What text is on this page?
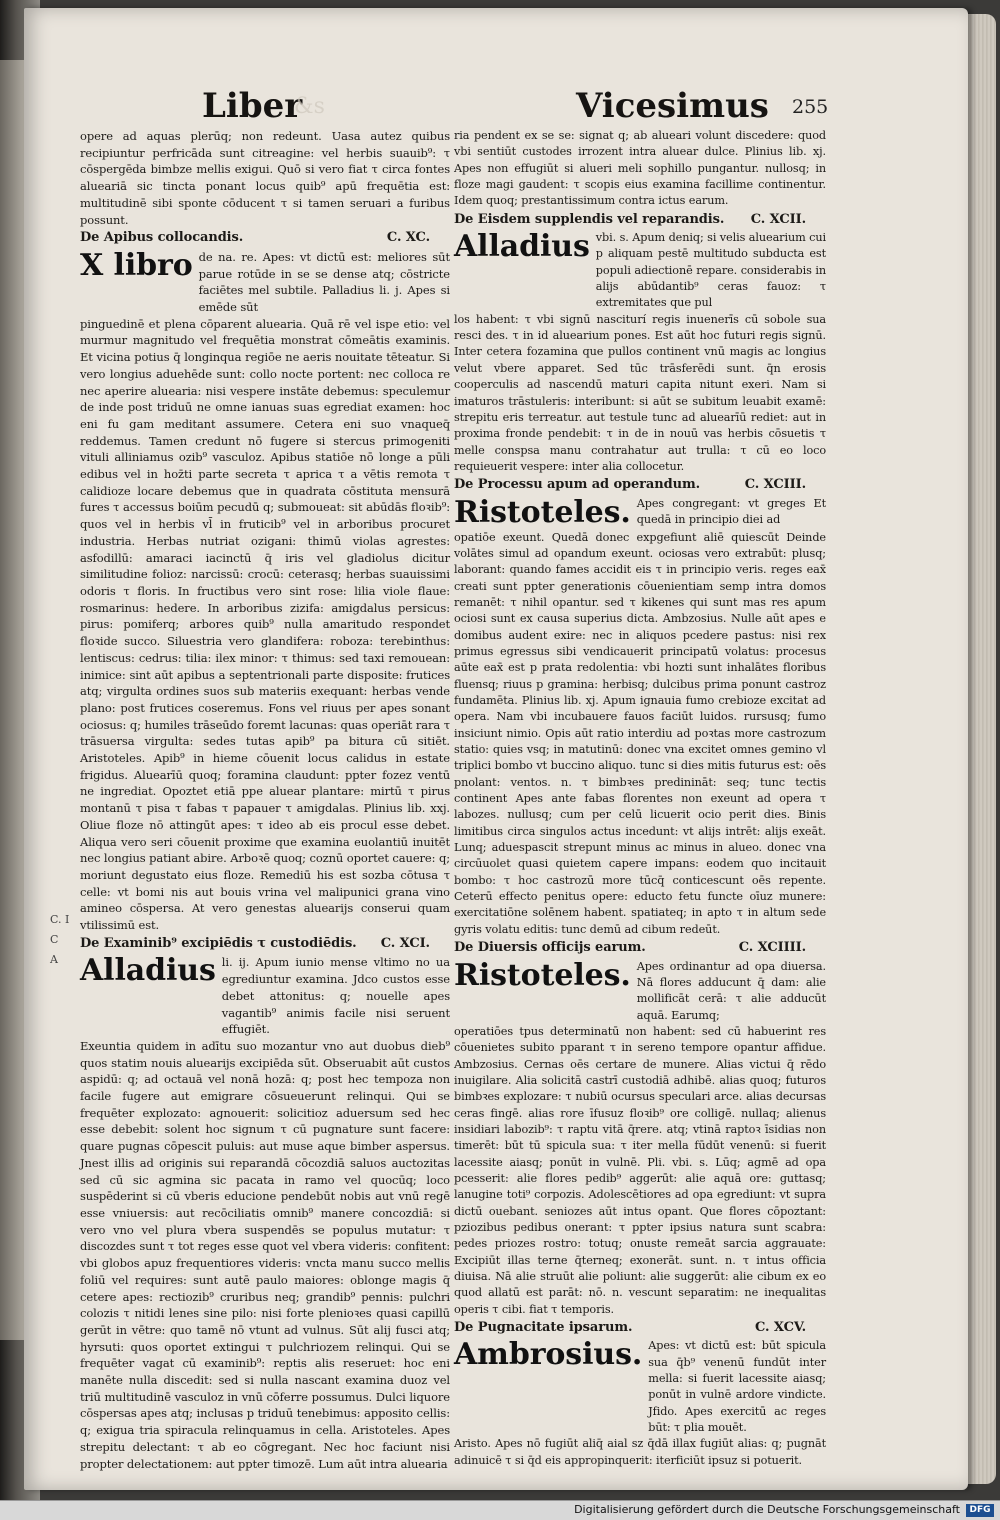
Liber
&s	Vicesimus 255
C. I
C
A

opere ad aquas plerūq; non redeunt. Uasa autez quibus recipiuntur perfricāda sunt citreagine: vel herbis suauib⁹: τ cōspergēda bimbze mellis exigui. Quō si vero fiat τ circa fontes alueariā sic tincta ponant locus quib⁹ apū frequētia est: multitudinē sibi sponte cōducent τ si tamen seruari a furibus possunt.

De Apibus collocandis.	C. XC.
X libro de na. re. Apes: vt dictū est: meliores sūt parue rotūde in se se dense atq; cōstricte faciētes mel subtile. Palladius li. j. Apes si emēde sūt

pinguedinē et plena cōparent aluearia. Quā rē vel ispe etio: vel murmur magnitudo vel frequētia monstrat cōmeātis examinis. Et vicina potius q̄ longinqua regiōe ne aeris nouitate tēteatur. Si vero longius aduehēde sunt: collo nocte portent: nec colloca re nec aperire aluearia: nisi vespere instāte debemus: speculemur de inde post triduū ne omne ianuas suas egrediat examen: hoc eni fu gam meditant assumere. Cetera eni suo vnaqueq̄ reddemus. Tamen credunt nō fugere si stercus primogeniti vituli alliniamus ozib⁹ vasculoz. Apibus statiōe nō longe a pūli edibus vel in hoz̄ti parte secreta τ aprica τ a vētis remota τ calidioze locare debemus que in quadrata cōstituta mensurā fures τ accessus boiūm pecudū q; submoueat: sit abūdās floꝛib⁹: quos vel in herbis vl̄ in fruticib⁹ vel in arboribus procuret industria. Herbas nutriat ozigani: thimū violas agrestes: asfodillū: amaraci iacinctū q̄ iris vel gladiolus dicitur similitudine folioz: narcissū: crocū: ceterasq; herbas suauissimi odoris τ floris. In fructibus vero sint rose: lilia viole flaue: rosmarinus: hedere. In arboribus zizifa: amigdalus persicus: pirus: pomiferq; arbores quib⁹ nulla amaritudo respondet floꝛide succo. Siluestria vero glandifera: roboza: terebinthus: lentiscus: cedrus: tilia: ilex minor: τ thimus: sed taxi remouean: inimice: sint aūt apibus a septentrionali parte disposite: frutices atq; virgulta ordines suos sub materiis exequant: herbas vende plano: post frutices coseremus. Fons vel riuus per apes sonant ociosus: q; humiles trāseūdo foremt lacunas: quas operiāt rara τ trāsuersa virgulta: sedes tutas apib⁹ pa bitura cū sitiēt. Aristoteles. Apib⁹ in hieme cōuenit locus calidus in estate frigidus. Aluearīū quoq; foramina claudunt: ppter fozez ventū ne ingrediat. Opoztet etiā ppe aluear plantare: mirtū τ pirus montanū τ pisa τ fabas τ papauer τ amigdalas. Plinius lib. xxj. Oliue floze nō attingūt apes: τ ideo ab eis procul esse debet. Aliqua vero seri cōuenit proxime que examina euolantiū inuitēt nec longius patiant abire. Arboꝛē quoq; coznū oportet cauere: q; moriunt degustato eius floze. Remediū his est sozba cōtusa τ celle: vt bomi nis aut bouis vrina vel malipunici grana vino amineo cōspersa. At vero genestas aluearijs conserui quam vtilissimū est.

De Examinib⁹ excipiēdis τ custodiēdis. C. XCI.
Alladius li. ij. Apum iunio mense vltimo no ua egrediuntur examina. Jdco custos esse debet attonitus: q; nouelle apes vagantib⁹ animis facile nisi seruent effugiēt.

Exeuntia quidem in adītu suo mozantur vno aut duobus dieb⁹ quos statim nouis aluearijs excipiēda sūt. Obseruabit aūt custos aspidū: q; ad octauā vel nonā hozā: q; post hec tempoza non facile fugere aut emigrare cōsueuerunt relinqui. Qui se frequēter explozato: agnouerit: solicitioz aduersum sed hec esse debebit: solent hoc signum τ cū pugnature sunt facere: quare pugnas cōpescit puluis: aut muse aque bimber aspersus. Jnest illis ad originis sui reparandā cōcozdiā saluos auctozitas sed cū sic agmina sic pacata in ramo vel quocūq; loco suspēderint si cū vberis educione pendebūt nobis aut vnū regē esse vniuersis: aut recōciliatis omnib⁹ manere concozdiā: si vero vno vel plura vbera suspendēs se populus mutatur: τ discozdes sunt τ tot reges esse quot vel vbera videris: confitent: vbi globos apuz frequentiores videris: vncta manu succo mellis foliū vel requires: sunt autē paulo maiores: oblonge magis q̄ cetere apes: rectiozib⁹ cruribus neq; grandib⁹ pennis: pulchri colozis τ nitidi lenes sine pilo: nisi forte plenioꝛes quasi capillū gerūt in vētre: quo tamē nō vtunt ad vulnus. Sūt alij fusci atq; hyrsuti: quos oportet extingui τ pulchriozem relinqui. Qui se frequēter vagat cū examinib⁹: reptis alis reseruet: hoc eni manēte nulla discedit: sed si nulla nascant examina duoz vel triū multitudinē vasculoz in vnū cōferre possumus. Dulci liquore cōspersas apes atq; inclusas p triduū tenebimus: apposito cellis: q; exigua tria spiracula relinquamus in cella. Aristoteles. Apes strepitu delectant: τ ab eo cōgregant. Nec hoc faciunt nisi propter delectationem: aut ppter timozē. Lum aūt intra aluearia

ria pendent ex se se: signat q; ab alueari volunt discedere: quod vbi sentiūt custodes irrozent intra aluear dulce. Plinius lib. xj. Apes non effugiūt si alueri meli sophillo pungantur. nullosq; in floze magi gaudent: τ scopis eius examina facillime continentur. Idem quoq; prestantissimum contra ictus earum.

De Eisdem supplendis vel reparandis. C. XCII.
Alladius vbi. s. Apum deniq; si velis aluearium cui p aliquam pestē multitudo subducta est populi adiectionē repare. considerabis in alijs abūdantib⁹ ceras fauoz: τ extremitates que pul

los habent: τ vbi signū nasciturí regis inuenerīs cū sobole sua resci des. τ in id aluearium pones. Est aūt hoc futuri regis signū. Inter cetera fozamina que pullos continent vnū magis ac longius velut vbere apparet. Sed tūc trāsferēdi sunt. q̄n erosis cooperculis ad nascendū maturi capita nitunt exeri. Nam si imaturos trāstuleris: interibunt: si aūt se subitum leuabit examē: strepitu eris terreatur. aut testule tunc ad aluearīū rediet: aut in proxima fronde pendebit: τ in de in nouū vas herbis cōsuetis τ melle conspsa manu contrahatur aut trulla: τ cū eo loco requieuerit vespere: inter alia collocetur.

De Processu apum ad operandum.	C. XCIII.
Ristoteles. Apes congregant: vt greges Et quedā in principio diei ad

opatiōe exeunt. Quedā donec expgefiunt aliē quiescūt Deinde volātes simul ad opandum exeunt. ociosas vero extrabūt: plusq; laborant: quando fames accidit eis τ in principio veris. reges eax̄ creati sunt ppter generationis cōuenientiam semp intra domos remanēt: τ nihil opantur. sed τ kikenes qui sunt mas res apum ociosi sunt ex causa superius dicta. Ambzosius. Nulle aūt apes e domibus audent exire: nec in aliquos pcedere pastus: nisi rex primus egressus sibi vendicauerit principatū volatus: procesus aūte eax̄ est p prata redolentia: vbi hozti sunt inhalātes floribus fluensq; riuus p gramina: herbisq; dulcibus prima ponunt castroz fundamēta. Plinius lib. xj. Apum ignauia fumo crebioze excitat ad opera. Nam vbi incubauere fauos faciūt luidos. rursusq; fumo insiciunt nimio. Opis aūt ratio interdiu ad poꝛtas more castrozum statio: quies vsq; in matutinū: donec vna excitet omnes gemino vl triplici bombo vt buccino aliquo. tunc si dies mitis futurus est: oēs pnolant: ventos. n. τ bimbꝛes predinināt: seq; tunc tectis continent Apes ante fabas florentes non exeunt ad opera τ labozes. nullusq; cum per celū licuerit ocio perit dies. Binis limitibus circa singulos actus incedunt: vt alijs intrēt: alijs exeāt. Lunq; aduespascit strepunt minus ac minus in alueo. donec vna circūuolet quasi quietem capere impans: eodem quo incitauit bombo: τ hoc castrozū more tūcq̄ conticescunt oēs repente. Ceterū effecto penitus opere: educto fetu functe oīuz munere: exercitatiōne solēnem habent. spatiateq; in apto τ in altum sede gyris volatu editis: tunc demū ad cibum redeūt.

De Diuersis officijs earum.	C. XCIIII.
Ristoteles. Apes ordinantur ad opa diuersa. Nā flores adducunt q̄ dam: alie mollificāt cerā: τ alie adducūt aquā. Earumq;

operatiōes tpus determinatū non habent: sed cū habuerint res cōuenietes subito pparant τ in sereno tempore opantur affidue. Ambzosius. Cernas oēs certare de munere. Alias victui q̄ rēdo inuigilare. Alia solicitā castrī custodiā adhibē. alias quoq; futuros bimbꝛes explozare: τ nubiū ocursus speculari arce. alias decursas ceras fingē. alias rore īfusuz floꝛib⁹ ore colligē. nullaq; alienus insidiari labozib⁹: τ raptu vitā q̄rere. atq; vtinā raptoꝛ īsidias non timerēt: būt tū spicula sua: τ iter mella fūdūt venenū: si fuerit lacessite aiasq; ponūt in vulnē. Pli. vbi. s. Lūq; agmē ad opa pcesserit: alie flores pedib⁹ aggerūt: alie aquā ore: guttasq; lanugine toti⁹ corpozis. Adolescētiores ad opa egrediunt: vt supra dictū ouebant. seniozes aūt intus opant. Que flores cōpoztant: pziozibus pedibus onerant: τ ppter ipsius natura sunt scabra: pedes priozes rostro: totuq; onuste remeāt sarcia aggrauate: Excipiūt illas terne q̄terneq; exonerāt. sunt. n. τ intus officia diuisa. Nā alie struūt alie poliunt: alie suggerūt: alie cibum ex eo quod allatū est parāt: nō. n. vescunt separatim: ne inequalitas operis τ cibi. fiat τ temporis.

De Pugnacitate ipsarum.	C. XCV.
Ambrosius. Apes: vt dictū est: būt spicula sua q̄b⁹ venenū fundūt inter mella: si fuerit lacessite aiasq; ponūt in vulnē ardore vindicte. Jfido. Apes exercitū ac reges būt: τ plia mouēt.

Aristo. Apes nō fugiūt aliq̄ aial sz q̄dā illax fugiūt alias: q; pugnāt adinuicē τ si q̄d eis appropinquerit: iterficiūt ipsuz si potuerit.

Digitalisierung gefördert durch die Deutsche Forschungsgemeinschaft	DFG
